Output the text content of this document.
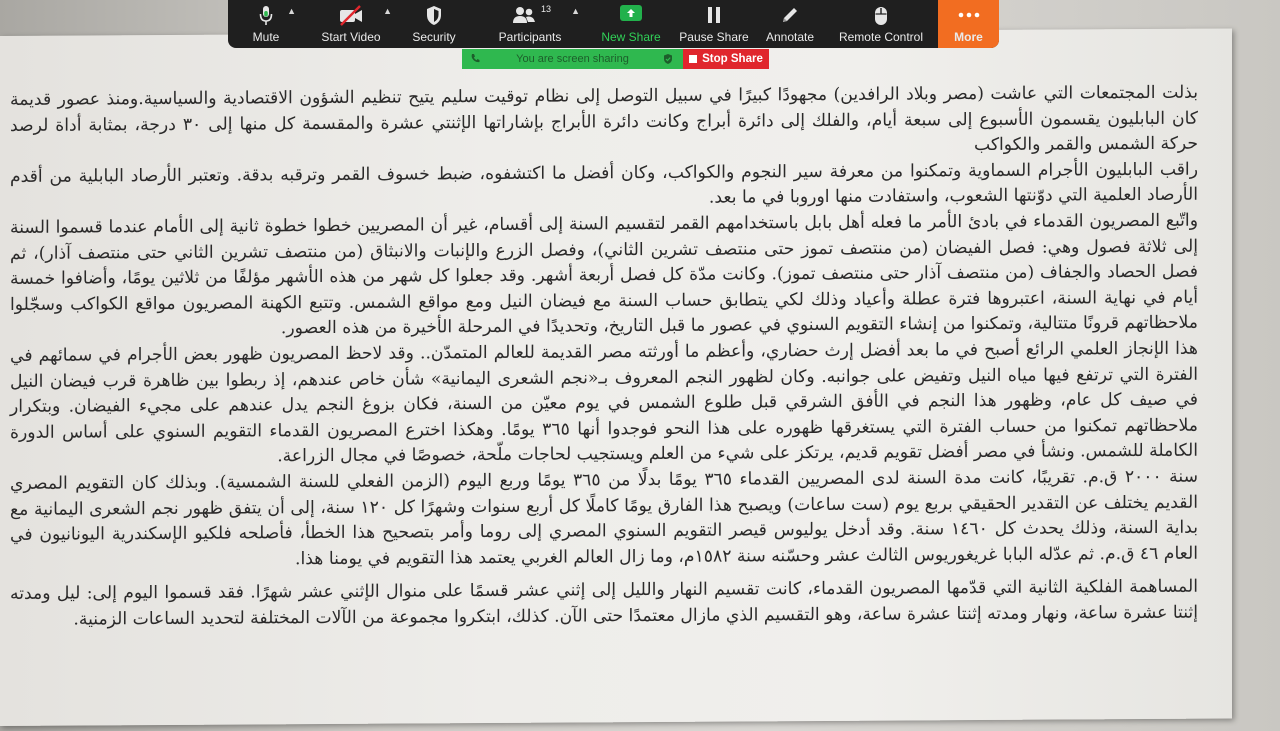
بذلت المجتمعات التي عاشت (مصر وبلاد الرافدين) مجهودًا كبيرًا في سبيل التوصل إلى نظام توقيت سليم يتيح تنظيم الشؤون الاقتصادية والسياسية.ومنذ عصور قديمة كان البابليون يقسمون الأسبوع إلى سبعة أيام، والفلك إلى دائرة أبراج وكانت دائرة الأبراج بإشاراتها الإثنتي عشرة والمقسمة كل منها إلى ٣٠ درجة، بمثابة أداة لرصد حركة الشمس والقمر والكواكب

راقب البابليون الأجرام السماوية وتمكنوا من معرفة سير النجوم والكواكب، وكان أفضل ما اكتشفوه، ضبط خسوف القمر وترقبه بدقة. وتعتبر الأرصاد البابلية من أقدم الأرصاد العلمية التي دوّنتها الشعوب، واستفادت منها اوروبا في ما بعد.

واتّبع المصريون القدماء في بادئ الأمر ما فعله أهل بابل باستخدامهم القمر لتقسيم السنة إلى أقسام، غير أن المصريين خطوا خطوة ثانية إلى الأمام عندما قسموا السنة إلى ثلاثة فصول وهي: فصل الفيضان (من منتصف تموز حتى منتصف تشرين الثاني)، وفصل الزرع والإنبات والانبثاق (من منتصف تشرين الثاني حتى منتصف آذار)، ثم فصل الحصاد والجفاف (من منتصف آذار حتى منتصف تموز). وكانت مدّة كل فصل أربعة أشهر. وقد جعلوا كل شهر من هذه الأشهر مؤلفًا من ثلاثين يومًا، وأضافوا خمسة أيام في نهاية السنة، اعتبروها فترة عطلة وأعياد وذلك لكي يتطابق حساب السنة مع فيضان النيل ومع مواقع الشمس. وتتبع الكهنة المصريون مواقع الكواكب وسجّلوا ملاحظاتهم قرونًا متتالية، وتمكنوا من إنشاء التقويم السنوي في عصور ما قبل التاريخ، وتحديدًا في المرحلة الأخيرة من هذه العصور.

هذا الإنجاز العلمي الرائع أصبح في ما بعد أفضل إرث حضاري، وأعظم ما أورثته مصر القديمة للعالم المتمدّن.. وقد لاحظ المصريون ظهور بعض الأجرام في سمائهم في الفترة التي ترتفع فيها مياه النيل وتفيض على جوانبه. وكان لظهور النجم المعروف بـ«نجم الشعرى اليمانية» شأن خاص عندهم، إذ ربطوا بين ظاهرة قرب فيضان النيل في صيف كل عام، وظهور هذا النجم في الأفق الشرقي قبل طلوع الشمس في يوم معيّن من السنة، فكان بزوغ النجم يدل عندهم على مجيء الفيضان. وبتكرار ملاحظاتهم تمكنوا من حساب الفترة التي يستغرقها ظهوره على هذا النحو فوجدوا أنها ٣٦٥ يومًا. وهكذا اخترع المصريون القدماء التقويم السنوي على أساس الدورة الكاملة للشمس. ونشأ في مصر أفضل تقويم قديم، يرتكز على شيء من العلم ويستجيب لحاجات ملّحة، خصوصًا في مجال الزراعة.

سنة ٢٠٠٠ ق.م. تقريبًا، كانت مدة السنة لدى المصريين القدماء ٣٦٥ يومًا بدلًا من ٣٦٥ يومًا وربع اليوم (الزمن الفعلي للسنة الشمسية). وبذلك كان التقويم المصري القديم يختلف عن التقدير الحقيقي بربع يوم (ست ساعات) ويصبح هذا الفارق يومًا كاملًا كل أربع سنوات وشهرًا كل ١٢٠ سنة، إلى أن يتفق ظهور نجم الشعرى اليمانية مع بداية السنة، وذلك يحدث كل ١٤٦٠ سنة. وقد أدخل يوليوس قيصر التقويم السنوي المصري إلى روما وأمر بتصحيح هذا الخطأ، فأصلحه فلكيو الإسكندرية اليونانيون في العام ٤٦ ق.م. ثم عدّله البابا غريغوريوس الثالث عشر وحسّنه سنة ١٥٨٢م، وما زال العالم الغربي يعتمد هذا التقويم في يومنا هذا.

المساهمة الفلكية الثانية التي قدّمها المصريون القدماء، كانت تقسيم النهار والليل إلى إثني عشر قسمًا على منوال الإثني عشر شهرًا. فقد قسموا اليوم إلى: ليل ومدته إثنتا عشرة ساعة، ونهار ومدته إثنتا عشرة ساعة، وهو التقسيم الذي مازال معتمدًا حتى الآن. كذلك، ابتكروا مجموعة من الآلات المختلفة لتحديد الساعات الزمنية.

Mute
▲
Start Video
▲
Security
13
Participants
▲
New Share Pause Share Annotate Remote Control	More
You are screen sharing	Stop Share
